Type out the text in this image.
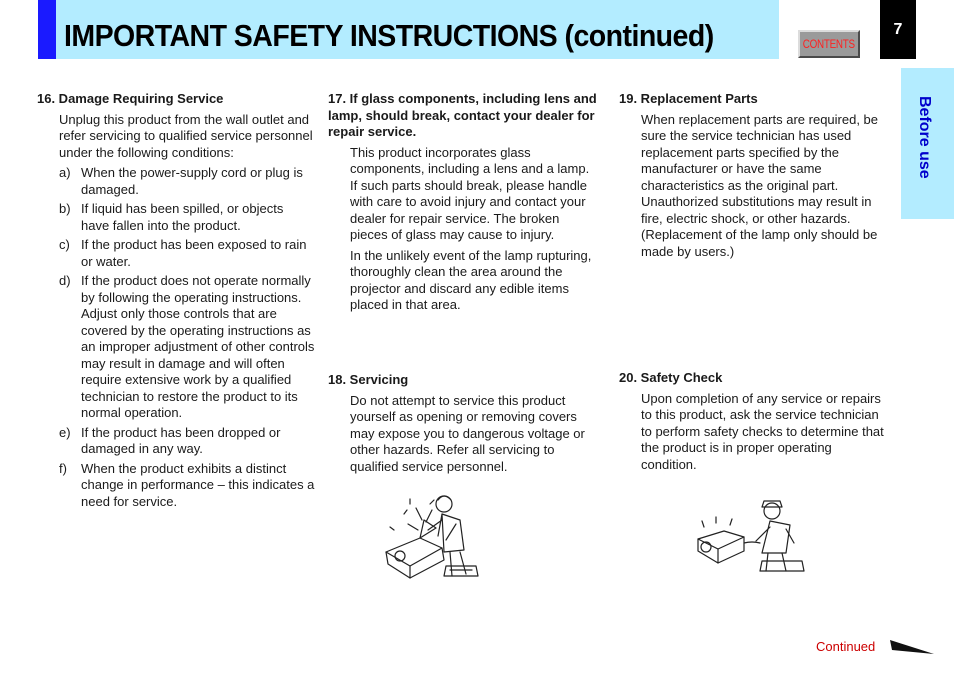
IMPORTANT SAFETY INSTRUCTIONS (continued)	CONTENTS
7
Before use
16. Damage Requiring Service

Unplug this product from the wall outlet and refer servicing to qualified service personnel under the following conditions:

a) When the power-supply cord or plug is damaged.
b) If liquid has been spilled, or objects have fallen into the product.
c) If the product has been exposed to rain or water.
d) If the product does not operate normally by following the operating instructions. Adjust only those controls that are covered by the operating instructions as an improper adjustment of other controls may result in damage and will often require extensive work by a qualified technician to restore the product to its normal operation.
e) If the product has been dropped or damaged in any way.
f) When the product exhibits a distinct change in performance – this indicates a need for service.
17. If glass components, including lens and lamp, should break, contact your dealer for repair service.

This product incorporates glass components, including a lens and a lamp. If such parts should break, please handle with care to avoid injury and contact your dealer for repair service. The broken pieces of glass may cause to injury.

In the unlikely event of the lamp rupturing, thoroughly clean the area around the projector and discard any edible items placed in that area.

18. Servicing

Do not attempt to service this product yourself as opening or removing covers may expose you to dangerous voltage or other hazards. Refer all servicing to qualified service personnel.

19. Replacement Parts

When replacement parts are required, be sure the service technician has used replacement parts specified by the manufacturer or have the same characteristics as the original part. Unauthorized substitutions may result in fire, electric shock, or other hazards. (Replacement of the lamp only should be made by users.)

20. Safety Check

Upon completion of any service or repairs to this product, ask the service technician to perform safety checks to determine that the product is in proper operating condition.

Continued
